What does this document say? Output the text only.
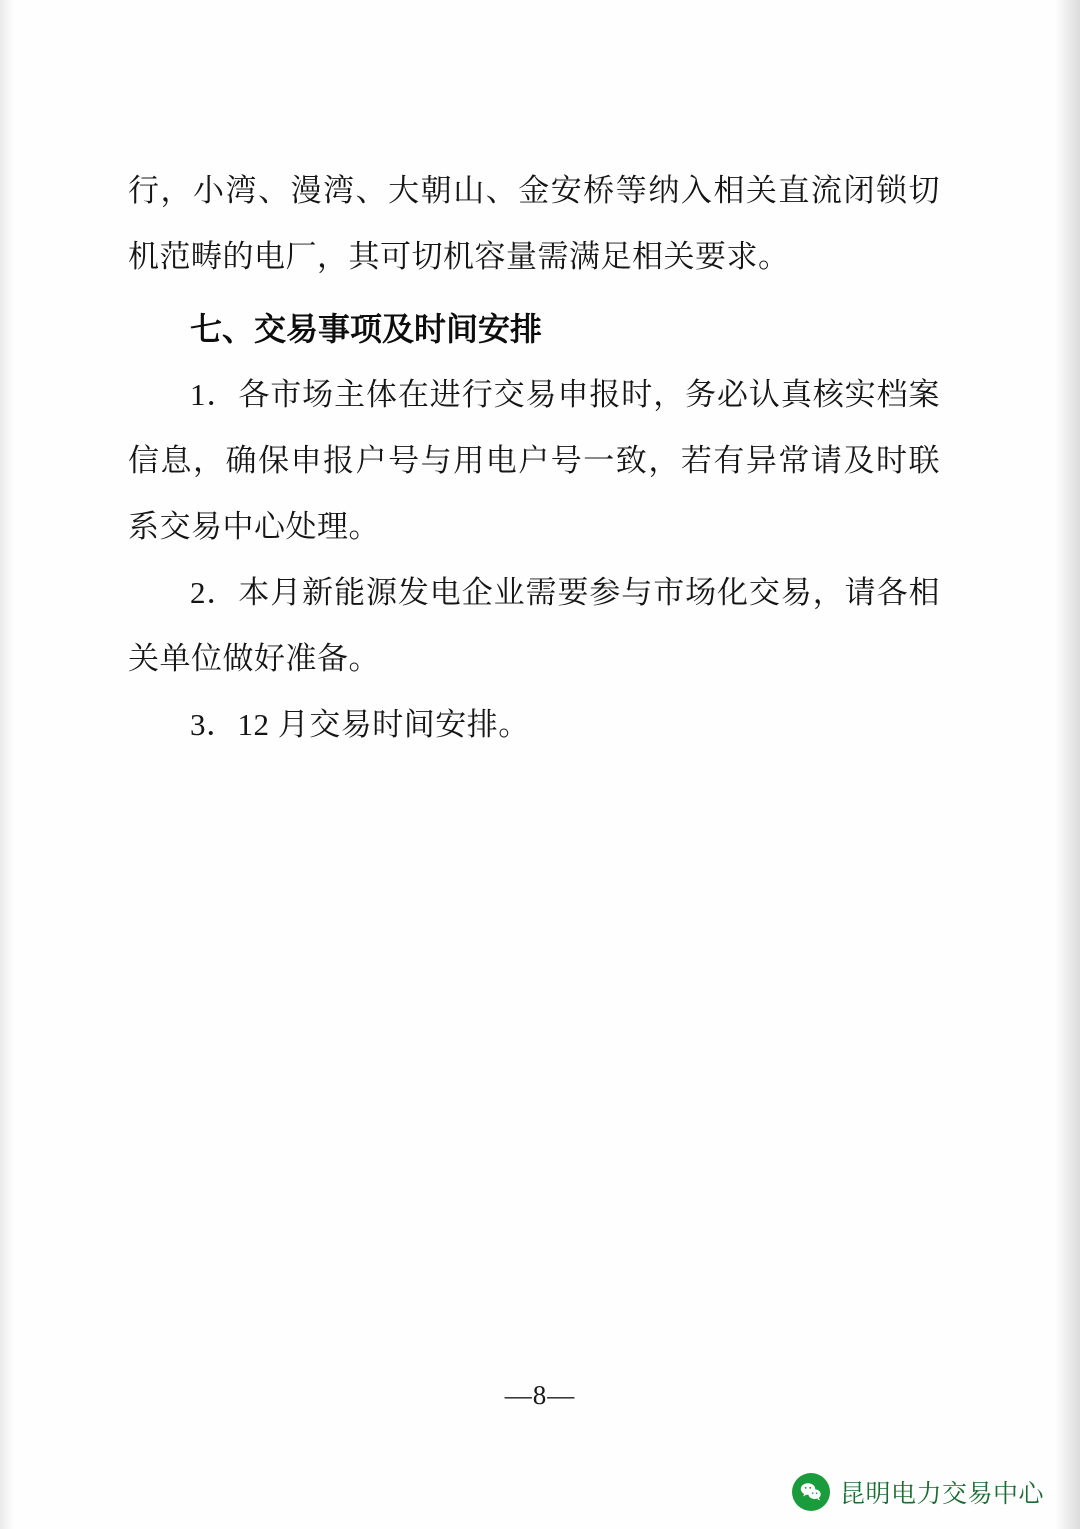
行，小湾、漫湾、大朝山、金安桥等纳入相关直流闭锁切机范畴的电厂，其可切机容量需满足相关要求。

七、交易事项及时间安排

1．各市场主体在进行交易申报时，务必认真核实档案信息，确保申报户号与用电户号一致，若有异常请及时联系交易中心处理。

2．本月新能源发电企业需要参与市场化交易，请各相关单位做好准备。

3．12 月交易时间安排。

—8—
昆明电力交易中心
